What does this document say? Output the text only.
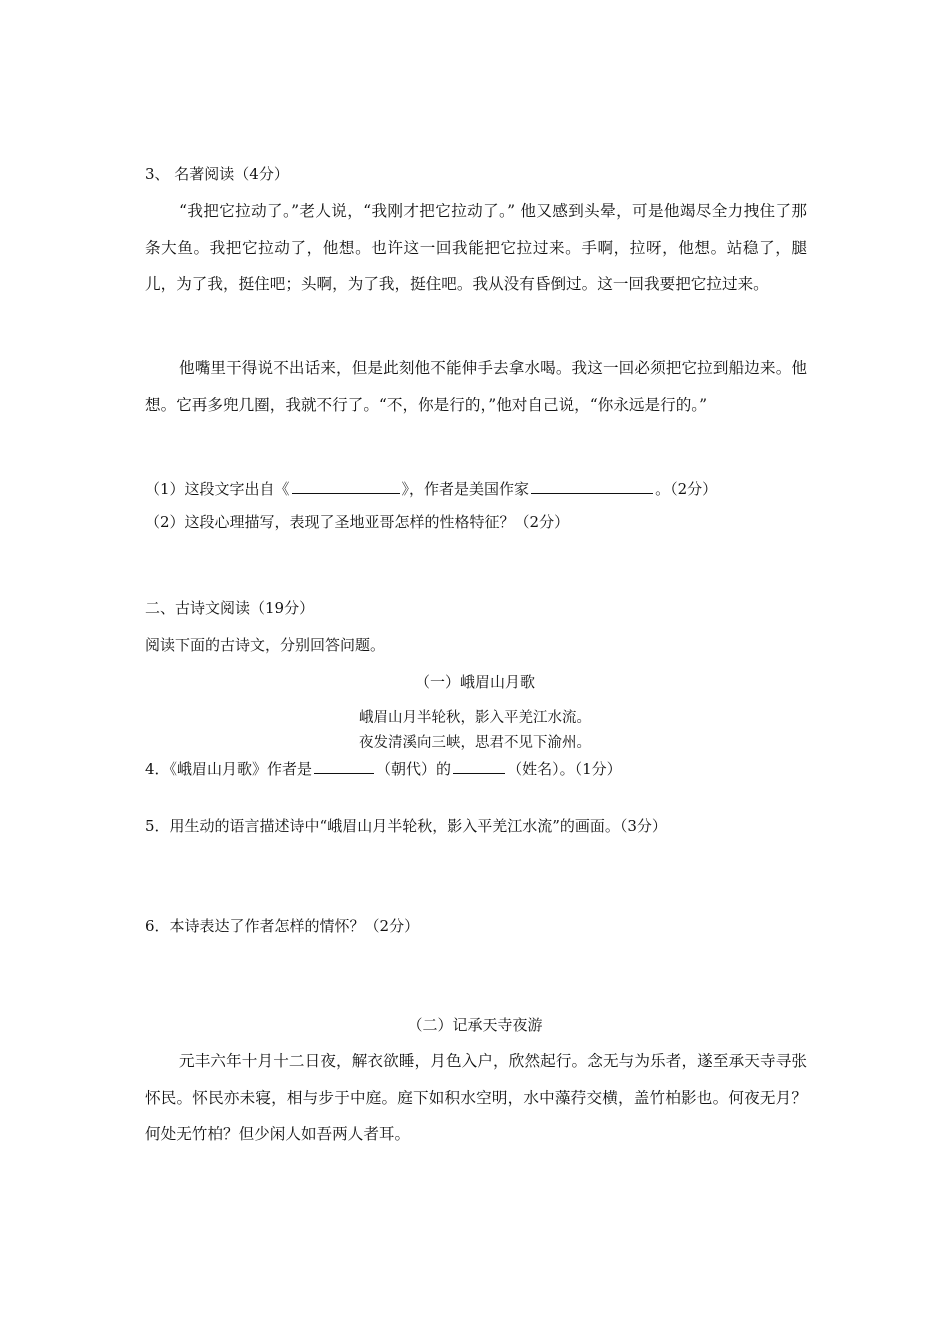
3、 名著阅读（4分）
“我把它拉动了。”老人说，“我刚才把它拉动了。” 他又感到头晕，可是他竭尽全力拽住了那条大鱼。我把它拉动了，他想。也许这一回我能把它拉过来。手啊，拉呀，他想。站稳了，腿儿，为了我，挺住吧；头啊，为了我，挺住吧。我从没有昏倒过。这一回我要把它拉过来。
他嘴里干得说不出话来，但是此刻他不能伸手去拿水喝。我这一回必须把它拉到船边来。他想。它再多兜几圈，我就不行了。“不，你是行的，”他对自己说，“你永远是行的。”
（1）这段文字出自《	》，作者是美国作家	。（2分）
（2）这段心理描写，表现了圣地亚哥怎样的性格特征？（2分）
二、古诗文阅读（19分）
阅读下面的古诗文，分别回答问题。
（一）峨眉山月歌
峨眉山月半轮秋，影入平羌江水流。
夜发清溪向三峡，思君不见下渝州。
4．《峨眉山月歌》作者是	（朝代）的	（姓名）。（1分）
5．用生动的语言描述诗中“峨眉山月半轮秋，影入平羌江水流”的画面。（3分）
6．本诗表达了作者怎样的情怀？（2分）
（二）记承天寺夜游
元丰六年十月十二日夜，解衣欲睡，月色入户，欣然起行。念无与为乐者，遂至承天寺寻张怀民。怀民亦未寝，相与步于中庭。庭下如积水空明，水中藻荇交横，盖竹柏影也。何夜无月？何处无竹柏？但少闲人如吾两人者耳。
